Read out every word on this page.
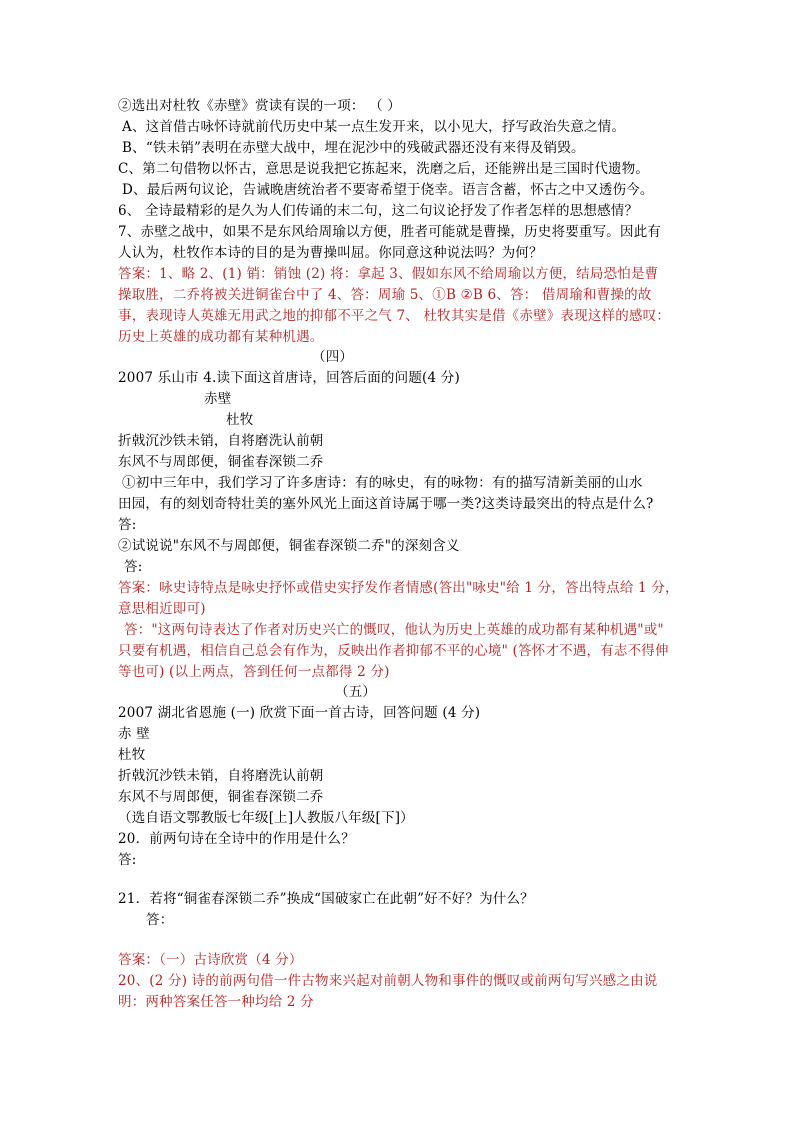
②选出对杜牧《赤壁》赏读有误的一项： （ ）
A、这首借古咏怀诗就前代历史中某一点生发开来，以小见大，抒写政治失意之情。
B、“铁未销”表明在赤壁大战中，埋在泥沙中的残破武器还没有来得及销毁。
C、第二句借物以怀古，意思是说我把它拣起来，洗磨之后，还能辨出是三国时代遗物。
D、最后两句议论，告诫晚唐统治者不要寄希望于侥幸。语言含蓄，怀古之中又透伤今。
6、 全诗最精彩的是久为人们传诵的末二句，这二句议论抒发了作者怎样的思想感情？
7、赤壁之战中，如果不是东风给周瑜以方便，胜者可能就是曹操，历史将要重写。因此有
人认为，杜牧作本诗的目的是为曹操叫屈。你同意这种说法吗？为何？
答案：1、略 2、(1) 销：销蚀 (2) 将：拿起 3、假如东风不给周瑜以方便，结局恐怕是曹
操取胜，二乔将被关进铜雀台中了 4、答：周瑜 5、①B ②B 6、答： 借周瑜和曹操的故
事，表现诗人英雄无用武之地的抑郁不平之气 7、 杜牧其实是借《赤壁》表现这样的感叹：
历史上英雄的成功都有某种机遇。
（四）
2007 乐山市 4.读下面这首唐诗，回答后面的问题(4 分)
赤壁
杜牧
折戟沉沙铁未销，自将磨洗认前朝
东风不与周郎便，铜雀春深锁二乔
①初中三年中，我们学习了许多唐诗：有的咏史，有的咏物：有的描写清新美丽的山水
田园，有的刻划奇特壮美的塞外风光上面这首诗属于哪一类?这类诗最突出的特点是什么?
答:
②试说说"东风不与周郎便，铜雀春深锁二乔"的深刻含义
答:
答案：咏史诗特点是咏史抒怀或借史实抒发作者情感(答出"咏史"给 1 分，答出特点给 1 分，
意思相近即可)
答："这两句诗表达了作者对历史兴亡的慨叹，他认为历史上英雄的成功都有某种机遇"或"
只要有机遇，相信自己总会有作为，反映出作者抑郁不平的心境" (答怀才不遇，有志不得伸
等也可) (以上两点，答到任何一点都得 2 分)
（五）
2007 湖北省恩施 (一) 欣赏下面一首古诗，回答问题 (4 分)
赤 壁
杜牧
折戟沉沙铁未销，自将磨洗认前朝
东风不与周郎便，铜雀春深锁二乔
（选自语文鄂教版七年级[上]人教版八年级[下]）
20．前两句诗在全诗中的作用是什么？
答:
21．若将“铜雀春深锁二乔”换成“国破家亡在此朝”好不好？为什么？
答：
答案：（一）古诗欣赏（4 分）
20、(2 分) 诗的前两句借一件古物来兴起对前朝人物和事件的慨叹或前两句写兴感之由说
明：两种答案任答一种均给 2 分
